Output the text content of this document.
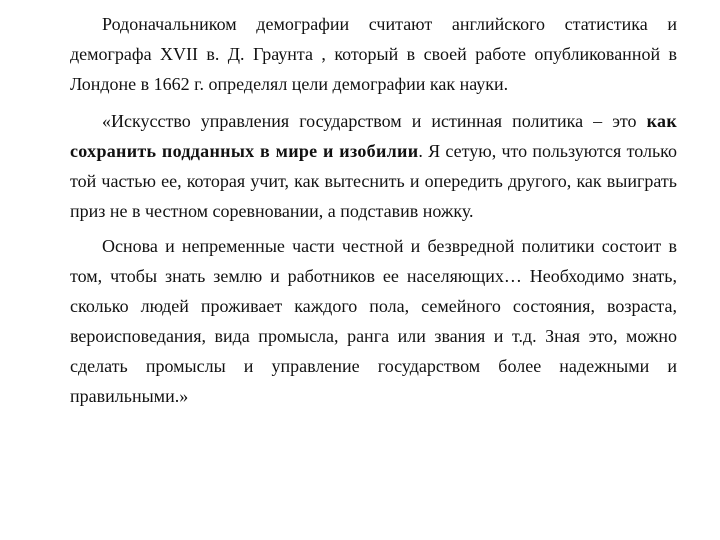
Родоначальником демографии считают английского статистика и демографа XVII в. Д. Граунта , который в своей работе опубликованной в Лондоне в 1662 г. определял цели демографии как науки.

«Искусство управления государством и истинная политика – это как сохранить подданных в мире и изобилии. Я сетую, что пользуются только той частью ее, которая учит, как вытеснить и опередить другого, как выиграть приз не в честном соревновании, а подставив ножку.

Основа и непременные части честной и безвредной политики состоит в том, чтобы знать землю и работников ее населяющих… Необходимо знать, сколько людей проживает каждого пола, семейного состояния, возраста, вероисповедания, вида промысла, ранга или звания и т.д. Зная это, можно сделать промыслы и управление государством более надежными и правильными.»
